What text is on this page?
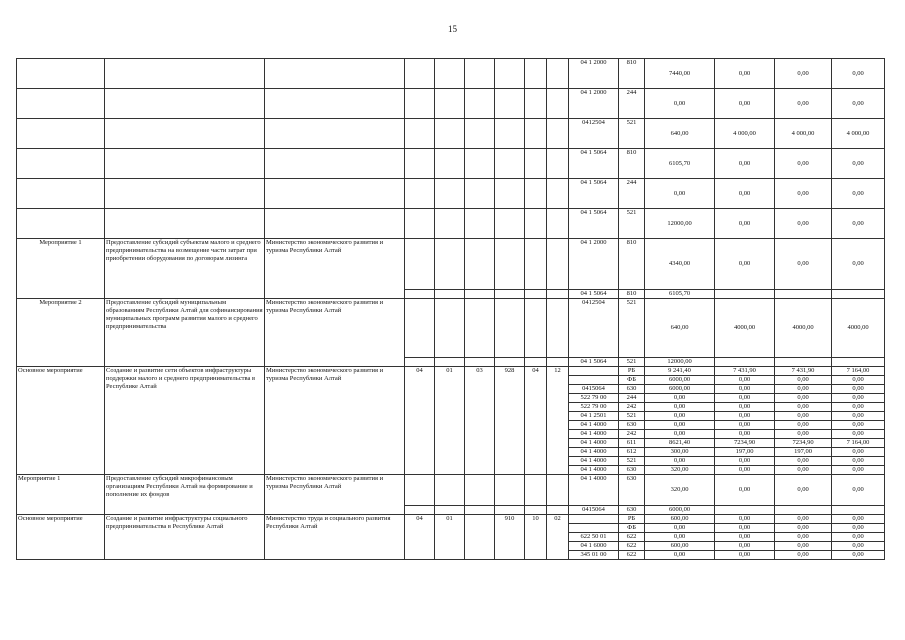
15
									04 1 2000	810	7440,00	0,00	0,00	0,00
									04 1 2000	244	0,00	0,00	0,00	0,00
									0412504	521	640,00	4 000,00	4 000,00	4 000,00
									04 1 5064	810	6105,70	0,00	0,00	0,00
									04 1 5064	244	0,00	0,00	0,00	0,00
									04 1 5064	521	12000,00	0,00	0,00	0,00
Мероприятие 1	Предоставление субсидий субъектам малого и среднего предпринимательства на возмещение части затрат при приобретении оборудования по договорам лизинга	Министерство экономического развития и туризма Республики Алтай							04 1 2000	810	4340,00	0,00	0,00	0,00
									04 1 5064	810	6105,70			
Мероприятие 2	Предоставление субсидий муниципальным образованиям Республики Алтай для софинансирования муниципальных программ развития малого и среднего предпринимательства	Министерство экономического развития и туризма Республики Алтай							0412504	521	640,00	4000,00	4000,00	4000,00
									04 1 5064	521	12000,00			
Основное мероприятие	Создание и развитие сети объектов инфраструктуры поддержки малого и среднего предпринимательства в Республике Алтай	Министерство экономического развития и туризма Республики Алтай	04	01	03	928	04	12		РБ	9 241,40	7 431,90	7 431,90	7 164,00
										ФБ	6000,00	0,00	0,00	0,00
									0415064	630	6000,00	0,00	0,00	0,00
									522 79 00	244	0,00	0,00	0,00	0,00
									522 79 00	242	0,00	0,00	0,00	0,00
									04 1 2501	521	0,00	0,00	0,00	0,00
									04 1 4000	630	0,00	0,00	0,00	0,00
									04 1 4000	242	0,00	0,00	0,00	0,00
									04 1 4000	611	8621,40	7234,90	7234,90	7 164,00
									04 1 4000	612	300,00	197,00	197,00	0,00
									04 1 4000	521	0,00	0,00	0,00	0,00
									04 1 4000	630	320,00	0,00	0,00	0,00
Мероприятие 1	Предоставление субсидий микрофинансовым организациям Республики Алтай на формирование и пополнение их фондов	Министерство экономического развития и туризма Республики Алтай							04 1 4000	630	320,00	0,00	0,00	0,00
									0415064	630	6000,00			
Основное мероприятие	Создание и развитие инфраструктуры социального предпринимательства в Республике Алтай	Министерство труда и социального развития Республики Алтай	04	01		910	10	02		РБ	600,00	0,00	0,00	0,00
										ФБ	0,00	0,00	0,00	0,00
									622 50 01	622	0,00	0,00	0,00	0,00
									04 1 6000	622	600,00	0,00	0,00	0,00
									345 01 00	622	0,00	0,00	0,00	0,00
